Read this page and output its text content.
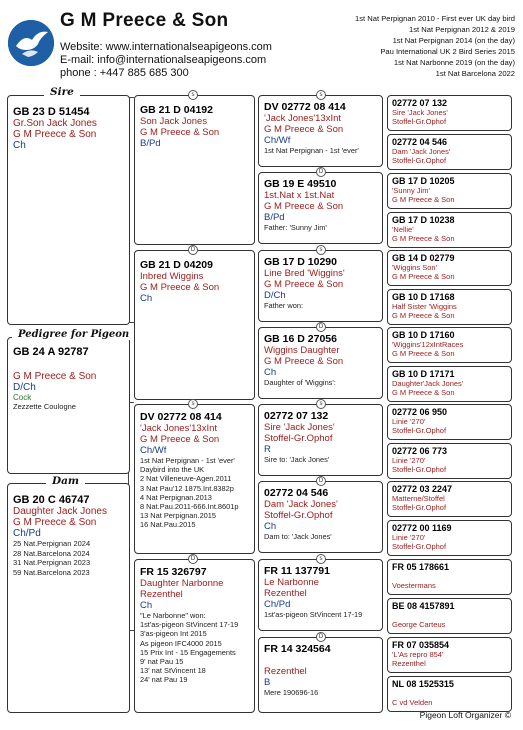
G M Preece & Son
Website: www.internationalseapigeons.com
E-mail: info@internationalseapigeons.com
phone : +447 885 685 300
1st Nat Perpignan 2010 - First ever UK day bird
1st Nat Perpignan 2012 & 2019
1st Nat Perpignan 2014 (on the day)
Pau International UK 2 Bird Series 2015
1st Nat Narbonne 2019 (on the day)
1st Nat Barcelona 2022
GB 23 D 51454
Gr.Son Jack Jones
G M Preece & Son
Ch
Sire
GB 24 A 92787
G M Preece & Son
D/Ch
Cock
Zezzette Coulogne
Pedigree for Pigeon
GB 20 C 46747
Daughter Jack Jones
G M Preece & Son
Ch/Pd
25 Nat.Perpignan 2024
28 Nat.Barcelona 2024
31 Nat.Perpignan 2023
59 Nat.Barcelona 2023
Dam
GB 21 D 04192
Son Jack Jones
G M Preece & Son
B/Pd
s
GB 21 D 04209
Inbred Wiggins
G M Preece & Son
Ch
D
DV 02772 08 414
'Jack Jones'13xInt
G M Preece & Son
Ch/Wf
1st Nat Perpignan - 1st 'ever'
Daybird into the UK
2 Nat Villeneuve-Agen.2011
3 Nat Pau'12 1875.Int.8382p
4 Nat Perpignan.2013
8 Nat.Pau.2011-666.Int.8601p
13 Nat Perpignan.2015
16 Nat.Pau.2015
s
FR 15 326797
Daughter Narbonne
Rezenthel
Ch
"Le Narbonne" won:
1st'as-pigeon StVincent 17-19
3'as-pigeon Int 2015
As pigeon IFC4000 2015
15 Prix Int - 15 Engagements
9' nat Pau 15
13' nat StVincent 18
24' nat Pau 19
D
DV 02772 08 414
'Jack Jones'13xInt
G M Preece & Son
Ch/Wf
1st Nat Perpignan - 1st 'ever'
s
GB 19 E 49510
1st.Nat x 1st.Nat
G M Preece & Son
B/Pd
Father: 'Sunny Jim'
D
GB 17 D 10290
Line Bred 'Wiggins'
G M Preece & Son
D/Ch
Father won:
s
GB 16 D 27056
Wiggins Daughter
G M Preece & Son
Ch
Daughter of 'Wiggins':
D
02772 07 132
Sire 'Jack Jones'
Stoffel-Gr.Ophof
R
Sire to: 'Jack Jones'
s
02772 04 546
Dam 'Jack Jones'
Stoffel-Gr.Ophof
Ch
Dam to: 'Jack Jones'
D
FR 11 137791
Le Narbonne
Rezenthel
Ch/Pd
1st'as-pigeon StVincent 17-19
s
FR 14 324564
Rezenthel
B
Mere 190696-16
D
02772 07 132
Sire 'Jack Jones'
Stoffel-Gr.Ophof
02772 04 546
Dam 'Jack Jones'
Stoffel-Gr.Ophof
GB 17 D 10205
'Sunny Jim'
G M Preece & Son
GB 17 D 10238
'Nellie'
G M Preece & Son
GB 14 D 02779
'Wiggins Son'
G M Preece & Son
GB 10 D 17168
Half Sister 'Wiggins
G M Preece & Son
GB 10 D 17160
'Wiggins'12xIntRaces
G M Preece & Son
GB 10 D 17171
Daughter'Jack Jones'
G M Preece & Son
02772 06 950
Linie '270'
Stoffel-Gr.Ophof
02772 06 773
Linie '270'
Stoffel-Gr.Ophof
02772 03 2247
Matterne/Stoffel
Stoffel-Gr.Ophof
02772 00 1169
Linie '270'
Stoffel-Gr.Ophof
FR 05 178661
Voestermans
BE 08 4157891
George Carteus
FR 07 035854
'L'As repro 854'
Rezenthel
NL 08 1525315
C vd Velden
Pigeon Loft Organizer ©
